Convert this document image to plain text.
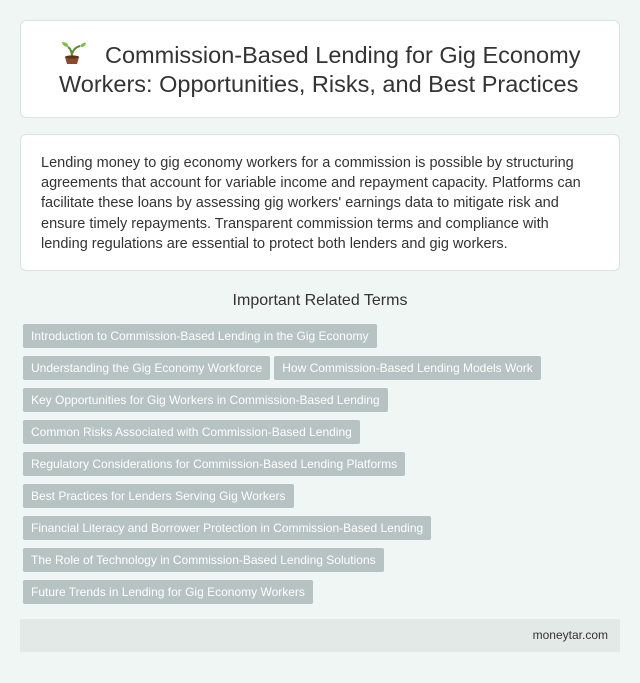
Commission-Based Lending for Gig Economy Workers: Opportunities, Risks, and Best Practices

Lending money to gig economy workers for a commission is possible by structuring agreements that account for variable income and repayment capacity. Platforms can facilitate these loans by assessing gig workers' earnings data to mitigate risk and ensure timely repayments. Transparent commission terms and compliance with lending regulations are essential to protect both lenders and gig workers.

Important Related Terms
Introduction to Commission-Based Lending in the Gig Economy
Understanding the Gig Economy Workforce How Commission-Based Lending Models Work
Key Opportunities for Gig Workers in Commission-Based Lending
Common Risks Associated with Commission-Based Lending
Regulatory Considerations for Commission-Based Lending Platforms
Best Practices for Lenders Serving Gig Workers
Financial Literacy and Borrower Protection in Commission-Based Lending
The Role of Technology in Commission-Based Lending Solutions
Future Trends in Lending for Gig Economy Workers
moneytar.com
